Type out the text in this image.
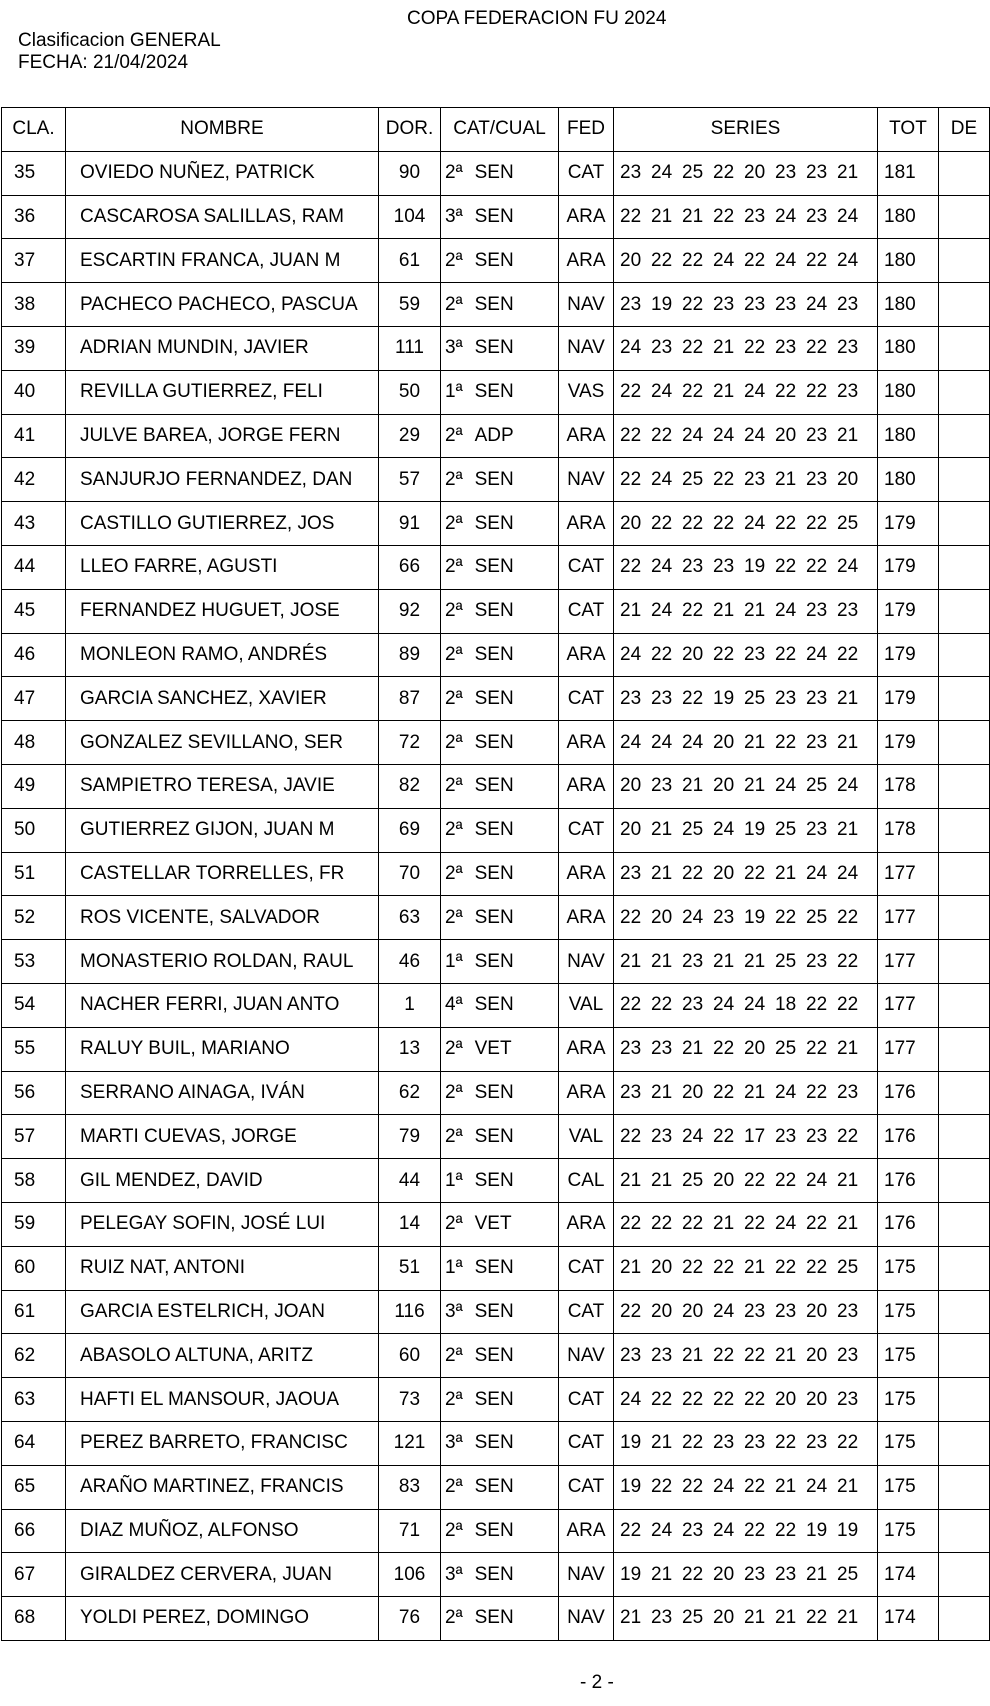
COPA FEDERACION FU 2024
Clasificacion GENERAL
FECHA: 21/04/2024
CLA.	NOMBRE	DOR.	CAT/CUAL	FED	SERIES	TOT	DE
35	OVIEDO NUÑEZ, PATRICK	90	2ª SEN	CAT	23 24 25 22 20 23 23 21	181	
36	CASCAROSA SALILLAS, RAM	104	3ª SEN	ARA	22 21 21 22 23 24 23 24	180	
37	ESCARTIN FRANCA, JUAN M	61	2ª SEN	ARA	20 22 22 24 22 24 22 24	180	
38	PACHECO PACHECO, PASCUA	59	2ª SEN	NAV	23 19 22 23 23 23 24 23	180	
39	ADRIAN MUNDIN, JAVIER	111	3ª SEN	NAV	24 23 22 21 22 23 22 23	180	
40	REVILLA GUTIERREZ, FELI	50	1ª SEN	VAS	22 24 22 21 24 22 22 23	180	
41	JULVE BAREA, JORGE FERN	29	2ª ADP	ARA	22 22 24 24 24 20 23 21	180	
42	SANJURJO FERNANDEZ, DAN	57	2ª SEN	NAV	22 24 25 22 23 21 23 20	180	
43	CASTILLO GUTIERREZ, JOS	91	2ª SEN	ARA	20 22 22 22 24 22 22 25	179	
44	LLEO FARRE, AGUSTI	66	2ª SEN	CAT	22 24 23 23 19 22 22 24	179	
45	FERNANDEZ HUGUET, JOSE	92	2ª SEN	CAT	21 24 22 21 21 24 23 23	179	
46	MONLEON RAMO, ANDRÉS	89	2ª SEN	ARA	24 22 20 22 23 22 24 22	179	
47	GARCIA SANCHEZ, XAVIER	87	2ª SEN	CAT	23 23 22 19 25 23 23 21	179	
48	GONZALEZ SEVILLANO, SER	72	2ª SEN	ARA	24 24 24 20 21 22 23 21	179	
49	SAMPIETRO TERESA, JAVIE	82	2ª SEN	ARA	20 23 21 20 21 24 25 24	178	
50	GUTIERREZ GIJON, JUAN M	69	2ª SEN	CAT	20 21 25 24 19 25 23 21	178	
51	CASTELLAR TORRELLES, FR	70	2ª SEN	ARA	23 21 22 20 22 21 24 24	177	
52	ROS VICENTE, SALVADOR	63	2ª SEN	ARA	22 20 24 23 19 22 25 22	177	
53	MONASTERIO ROLDAN, RAUL	46	1ª SEN	NAV	21 21 23 21 21 25 23 22	177	
54	NACHER FERRI, JUAN ANTO	1	4ª SEN	VAL	22 22 23 24 24 18 22 22	177	
55	RALUY BUIL, MARIANO	13	2ª VET	ARA	23 23 21 22 20 25 22 21	177	
56	SERRANO AINAGA, IVÁN	62	2ª SEN	ARA	23 21 20 22 21 24 22 23	176	
57	MARTI CUEVAS, JORGE	79	2ª SEN	VAL	22 23 24 22 17 23 23 22	176	
58	GIL MENDEZ, DAVID	44	1ª SEN	CAL	21 21 25 20 22 22 24 21	176	
59	PELEGAY SOFIN, JOSÉ LUI	14	2ª VET	ARA	22 22 22 21 22 24 22 21	176	
60	RUIZ NAT, ANTONI	51	1ª SEN	CAT	21 20 22 22 21 22 22 25	175	
61	GARCIA ESTELRICH, JOAN	116	3ª SEN	CAT	22 20 20 24 23 23 20 23	175	
62	ABASOLO ALTUNA, ARITZ	60	2ª SEN	NAV	23 23 21 22 22 21 20 23	175	
63	HAFTI EL MANSOUR, JAOUA	73	2ª SEN	CAT	24 22 22 22 22 20 20 23	175	
64	PEREZ BARRETO, FRANCISC	121	3ª SEN	CAT	19 21 22 23 23 22 23 22	175	
65	ARAÑO MARTINEZ, FRANCIS	83	2ª SEN	CAT	19 22 22 24 22 21 24 21	175	
66	DIAZ MUÑOZ, ALFONSO	71	2ª SEN	ARA	22 24 23 24 22 22 19 19	175	
67	GIRALDEZ CERVERA, JUAN	106	3ª SEN	NAV	19 21 22 20 23 23 21 25	174	
68	YOLDI PEREZ, DOMINGO	76	2ª SEN	NAV	21 23 25 20 21 21 22 21	174	
- 2 -
